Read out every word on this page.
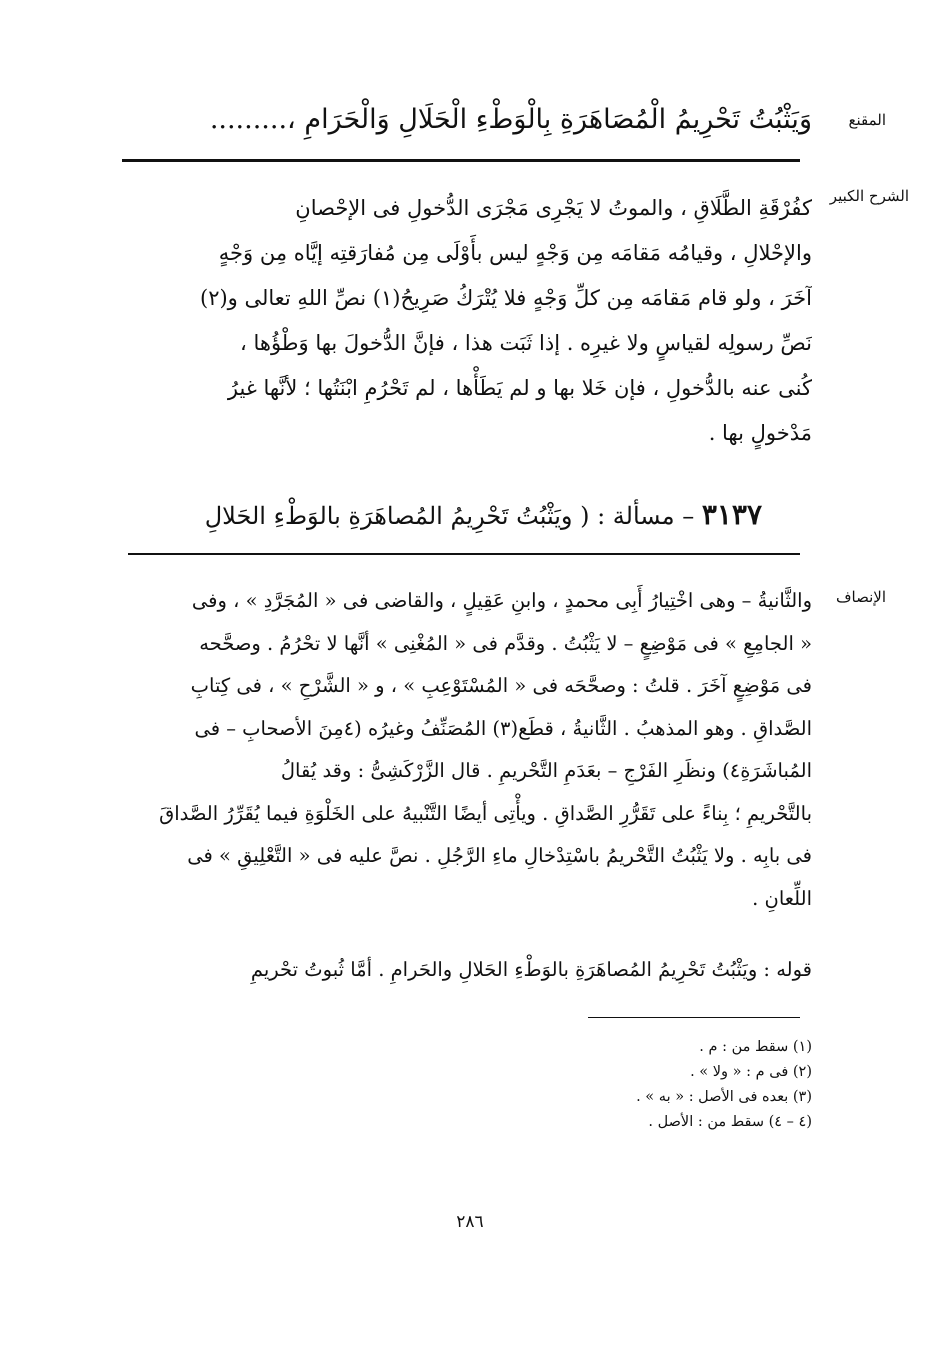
المقنع
الشرح الكبير
الإنصاف
وَيَثْبُتُ تَحْرِيمُ الْمُصَاهَرَةِ بِالْوَطْءِ الْحَلَالِ وَالْحَرَامِ ،.........
كفُرْقَةِ الطَّلَاقِ ، والموتُ لا يَجْرِى مَجْرَى الدُّخولِ فى الإحْصانِ
والإحْلالِ ، وقيامُه مَقامَه مِن وَجْهٍ ليس بأَوْلَى مِن مُفارَقتِه إيَّاه مِن وَجْهٍ
آخَرَ ، ولو قام مَقامَه مِن كلِّ وَجْهٍ فلا يُتْرَكُ صَرِيحُ(١) نصِّ اللهِ تعالى و(٢)
نَصِّ رسولِه لقياسٍ ولا غيرِه . إذا ثَبَت هذا ، فإنَّ الدُّخولَ بها وَطْؤُها ،
كُنى عنه بالدُّخولِ ، فإن خَلا بها و لم يَطَأْها ، لم تَحْرُمِ ابْنَتُها ؛ لأنَّها غيرُ
مَدْخولٍ بها .
٣١٣٧ – مسألة : ( ويَثْبُتُ تَحْرِيمُ المُصاهَرَةِ بالوَطْءِ الحَلالِ
والثَّانيةُ – وهى اخْتِيارُ أَبِى محمدٍ ، وابنِ عَقِيلٍ ، والقاضى فى « المُجَرَّدِ » ، وفى
« الجامِعِ » فى مَوْضِعٍ – لا يَثْبُتُ . وقدَّم فى « المُغْنِى » أنَّها لا تحْرُمُ . وصحَّحه
فى مَوْضِعٍ آخَرَ . قلتُ : وصحَّحَه فى « المُسْتَوْعِبِ » ، و « الشَّرْحِ » ، فى كِتابِ
الصَّداقِ . وهو المذهبُ . الثَّانيةُ ، قطَع(٣) المُصَنِّفُ وغيرُه (٤مِنَ الأصحابِ – فى
المُباشَرَةِ٤) ونظَرِ الفَرْجِ – بعَدَمِ التَّحْريمِ . قال الزَّرْكَشِىُّ : وقد يُقالُ
بالتَّحْريمِ ؛ بِناءً على تَقَرُّرِ الصَّداقِ . ويأْتِى أيضًا التَّنْبيهُ على الخَلْوَةِ فيما يُقَرِّرُ الصَّداقَ
فى بابِه . ولا يَثْبُتُ التَّحْريمُ باسْتِدْخالِ ماءِ الرَّجُلِ . نصَّ عليه فى « التَّعْلِيقِ » فى
اللِّعانِ .
قوله : ويَثْبُتُ تَحْرِيمُ المُصاهَرَةِ بالوَطْءِ الحَلالِ والحَرامِ . أمَّا ثُبوتُ تحْريمِ
(١) سقط من : م .
(٢) فى م : « ولا » .
(٣) بعده فى الأصل : « به » .
(٤ – ٤) سقط من : الأصل .
٢٨٦
